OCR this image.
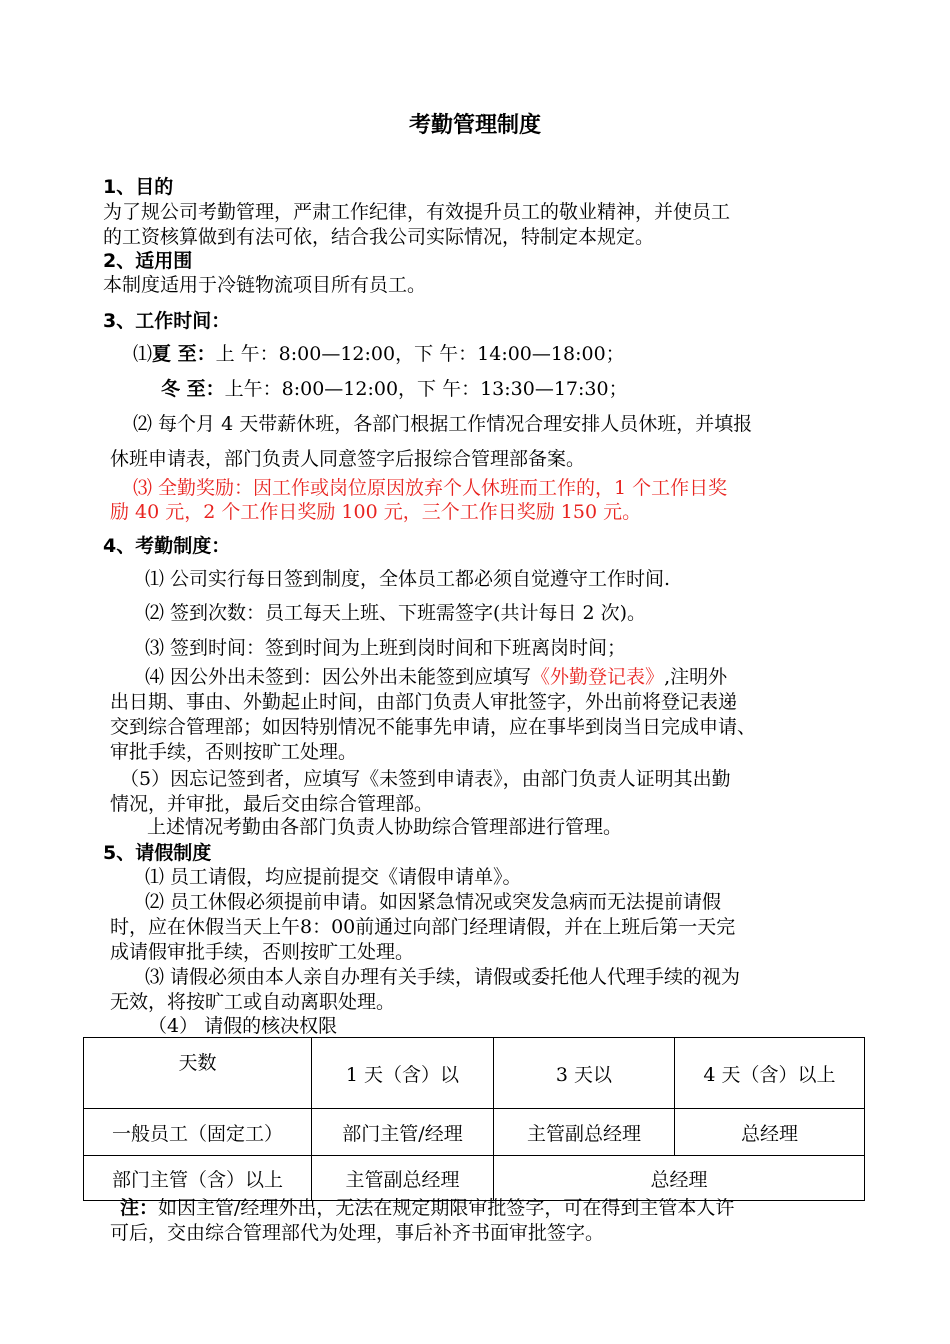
考勤管理制度
1、目的
为了规公司考勤管理，严肃工作纪律，有效提升员工的敬业精神，并使员工
的工资核算做到有法可依，结合我公司实际情况，特制定本规定。
2、适用围
本制度适用于冷链物流项目所有员工。
3、工作时间：
⑴夏 至：上 午：8:00—12:00，下 午：14:00—18:00；
冬 至：上午：8:00—12:00，下 午：13:30—17:30；
⑵ 每个月 4 天带薪休班，各部门根据工作情况合理安排人员休班，并填报
休班申请表，部门负责人同意签字后报综合管理部备案。
⑶ 全勤奖励：因工作或岗位原因放弃个人休班而工作的，1 个工作日奖
励 40 元，2 个工作日奖励 100 元，三个工作日奖励 150 元。
4、考勤制度：
⑴ 公司实行每日签到制度，全体员工都必须自觉遵守工作时间.
⑵ 签到次数：员工每天上班、下班需签字(共计每日 2 次)。
⑶ 签到时间：签到时间为上班到岗时间和下班离岗时间；
⑷ 因公外出未签到：因公外出未能签到应填写《外勤登记表》,注明外
出日期、事由、外勤起止时间，由部门负责人审批签字，外出前将登记表递
交到综合管理部；如因特别情况不能事先申请，应在事毕到岗当日完成申请、
审批手续，否则按旷工处理。
（5）因忘记签到者，应填写《未签到申请表》，由部门负责人证明其出勤
情况，并审批，最后交由综合管理部。
上述情况考勤由各部门负责人协助综合管理部进行管理。
5、请假制度
⑴ 员工请假，均应提前提交《请假申请单》。
⑵ 员工休假必须提前申请。如因紧急情况或突发急病而无法提前请假
时，应在休假当天上午8：00前通过向部门经理请假，并在上班后第一天完
成请假审批手续，否则按旷工处理。
⑶ 请假必须由本人亲自办理有关手续，请假或委托他人代理手续的视为
无效，将按旷工或自动离职处理。
（4） 请假的核决权限
天数	1 天（含）以	3 天以	4 天（含）以上
一般员工（固定工）	部门主管/经理	主管副总经理	总经理
部门主管（含）以上	主管副总经理	总经理	
注：如因主管/经理外出，无法在规定期限审批签字，可在得到主管本人许
可后，交由综合管理部代为处理，事后补齐书面审批签字。
